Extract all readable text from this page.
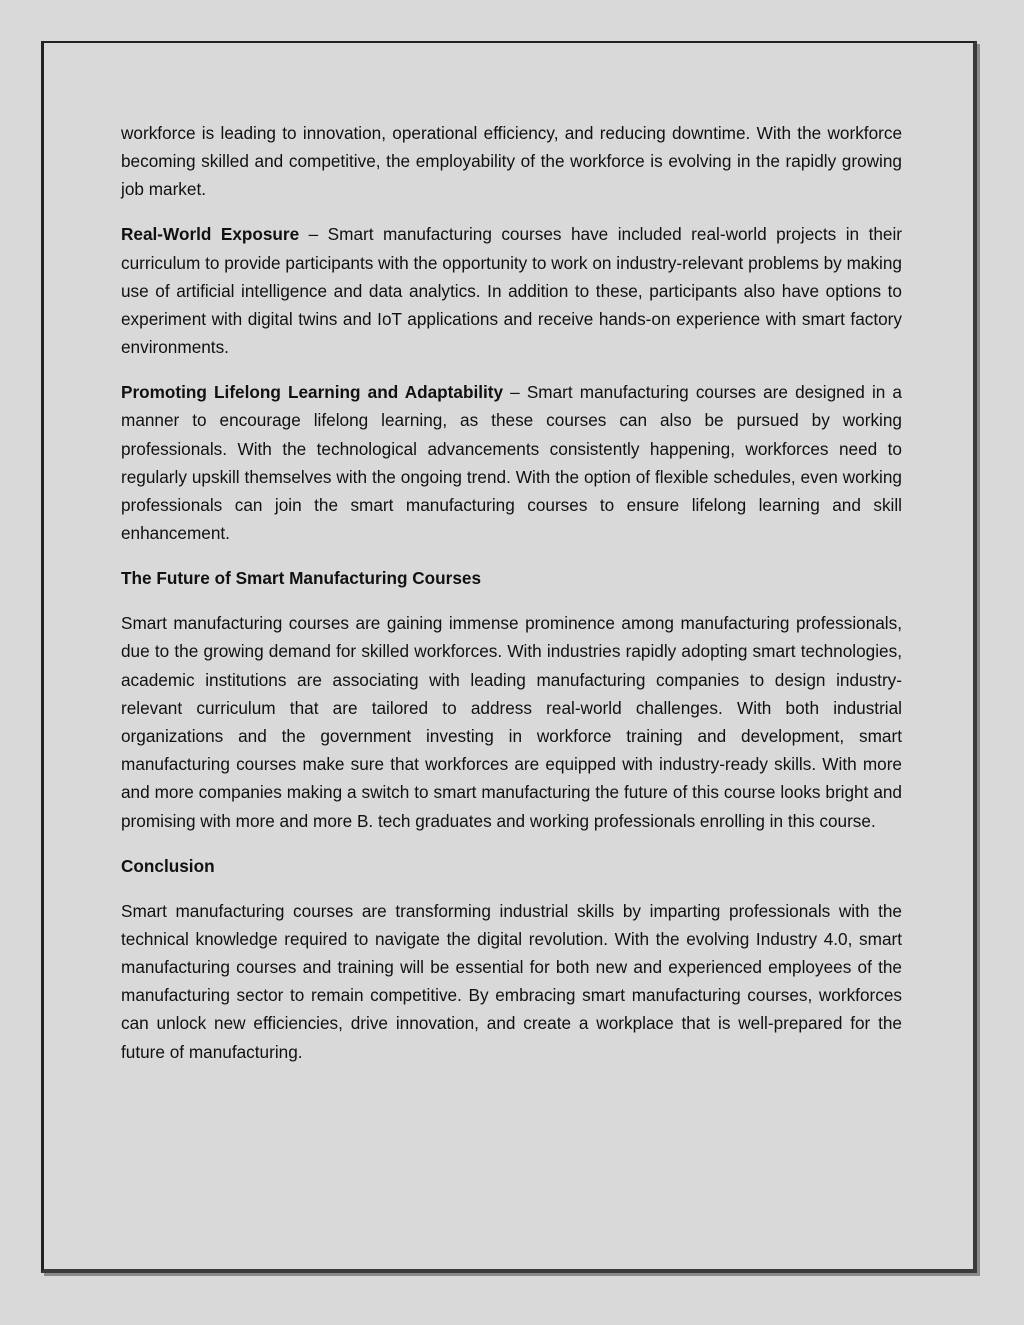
workforce is leading to innovation, operational efficiency, and reducing downtime. With the workforce becoming skilled and competitive, the employability of the workforce is evolving in the rapidly growing job market.

Real-World Exposure – Smart manufacturing courses have included real-world projects in their curriculum to provide participants with the opportunity to work on industry-relevant problems by making use of artificial intelligence and data analytics. In addition to these, participants also have options to experiment with digital twins and IoT applications and receive hands-on experience with smart factory environments.

Promoting Lifelong Learning and Adaptability – Smart manufacturing courses are designed in a manner to encourage lifelong learning, as these courses can also be pursued by working professionals. With the technological advancements consistently happening, workforces need to regularly upskill themselves with the ongoing trend. With the option of flexible schedules, even working professionals can join the smart manufacturing courses to ensure lifelong learning and skill enhancement.

The Future of Smart Manufacturing Courses

Smart manufacturing courses are gaining immense prominence among manufacturing professionals, due to the growing demand for skilled workforces. With industries rapidly adopting smart technologies, academic institutions are associating with leading manufacturing companies to design industry-relevant curriculum that are tailored to address real-world challenges. With both industrial organizations and the government investing in workforce training and development, smart manufacturing courses make sure that workforces are equipped with industry-ready skills. With more and more companies making a switch to smart manufacturing the future of this course looks bright and promising with more and more B. tech graduates and working professionals enrolling in this course.

Conclusion

Smart manufacturing courses are transforming industrial skills by imparting professionals with the technical knowledge required to navigate the digital revolution. With the evolving Industry 4.0, smart manufacturing courses and training will be essential for both new and experienced employees of the manufacturing sector to remain competitive. By embracing smart manufacturing courses, workforces can unlock new efficiencies, drive innovation, and create a workplace that is well-prepared for the future of manufacturing.
